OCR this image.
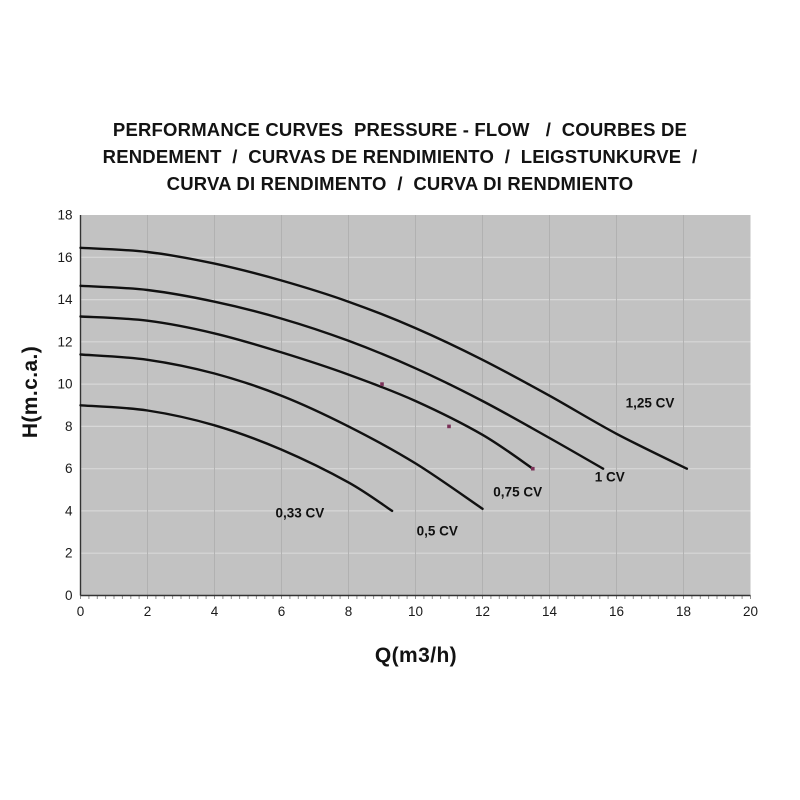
PERFORMANCE CURVES  PRESSURE - FLOW   /  COURBES DE
RENDEMENT  /  CURVAS DE RENDIMIENTO  /  LEIGSTUNKURVE  /
CURVA DI RENDIMENTO  /  CURVA DI RENDMIENTO
H(m.c.a.)
0
2
4
6
8
10
12
14
16
18
0	2	4	6	8	10	12	14	16	18	20
0,33 CV
0,5 CV
0,75 CV
1 CV
1,25 CV
Q(m3/h)
